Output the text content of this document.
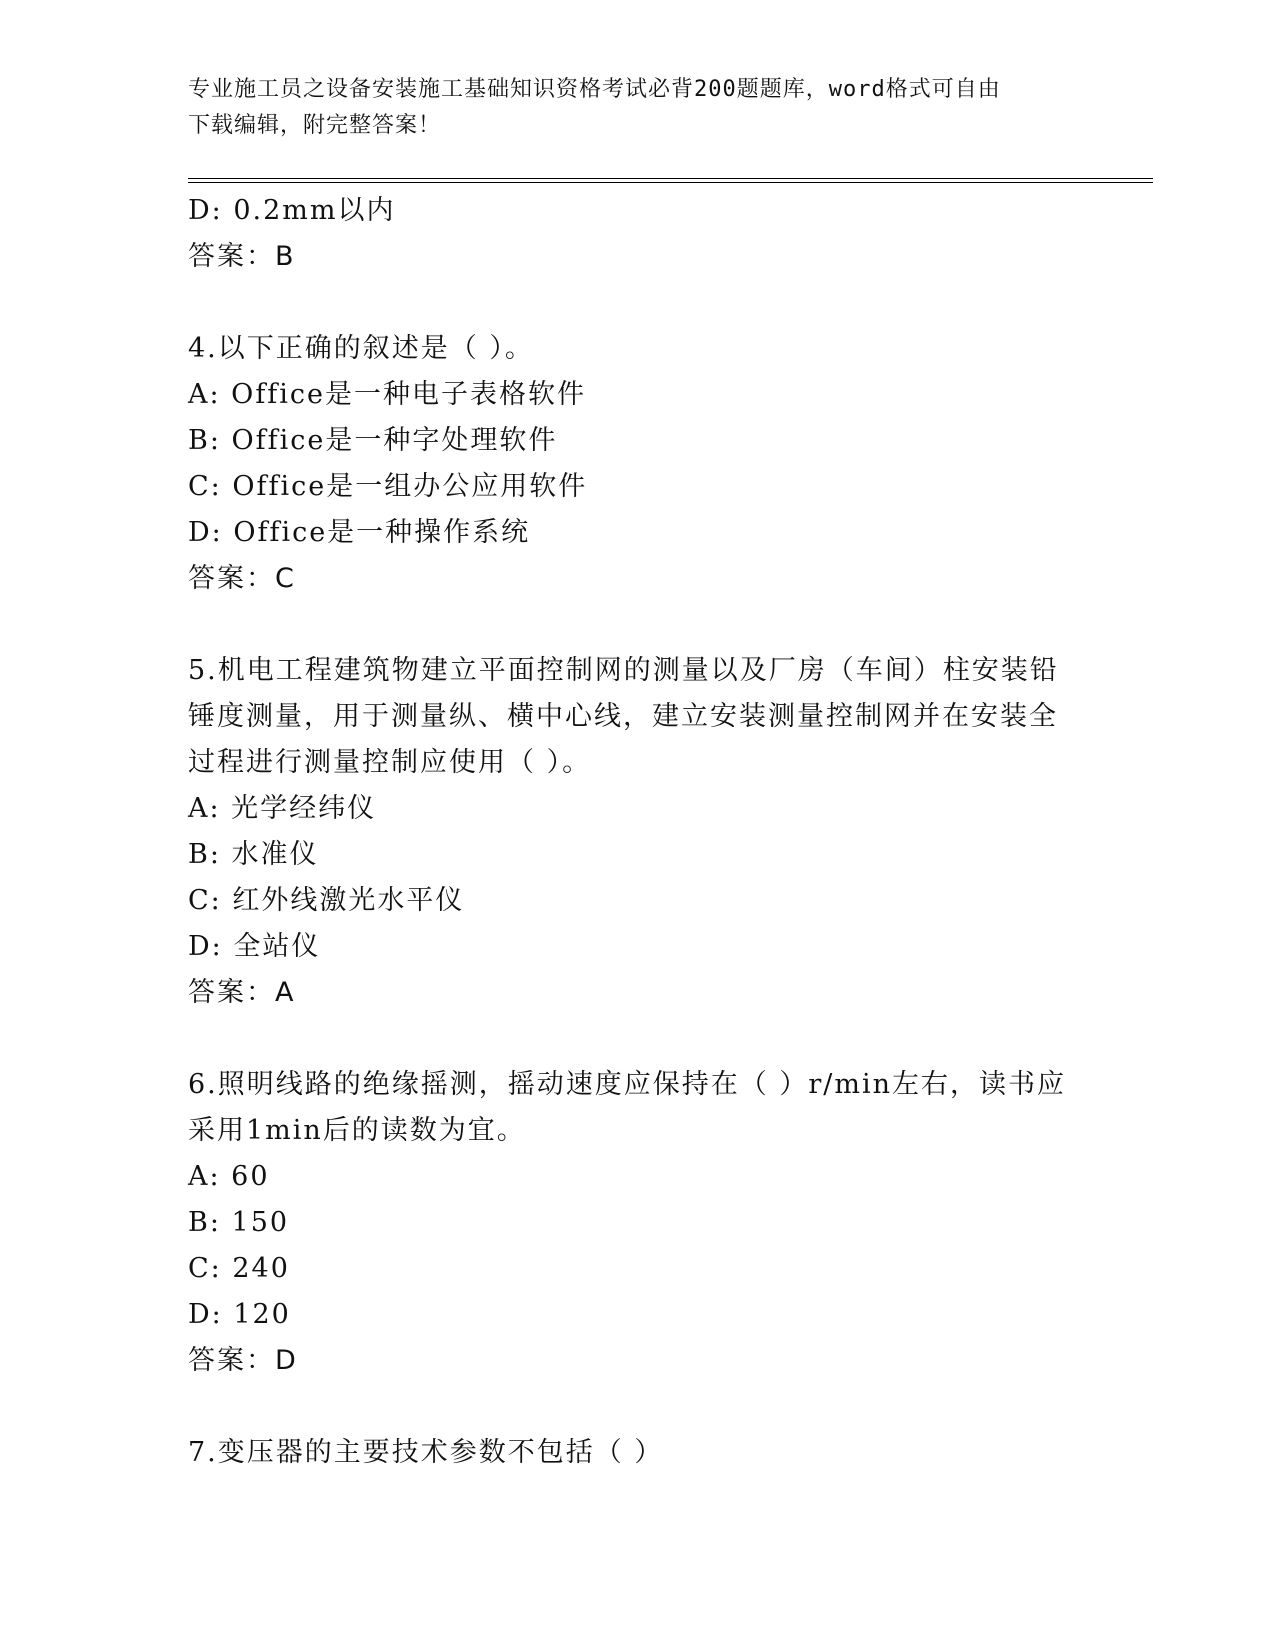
专业施工员之设备安装施工基础知识资格考试必背200题题库，word格式可自由
下载编辑，附完整答案！
D: 0.2mm以内
答案：B
4.以下正确的叙述是（ ）。
A: Office是一种电子表格软件
B: Office是一种字处理软件
C: Office是一组办公应用软件
D: Office是一种操作系统
答案：C
5.机电工程建筑物建立平面控制网的测量以及厂房（车间）柱安装铅
锤度测量，用于测量纵、横中心线，建立安装测量控制网并在安装全
过程进行测量控制应使用（ ）。
A: 光学经纬仪
B: 水准仪
C: 红外线激光水平仪
D: 全站仪
答案：A
6.照明线路的绝缘摇测，摇动速度应保持在（ ）r/min左右，读书应
采用1min后的读数为宜。
A: 60
B: 150
C: 240
D: 120
答案：D
7.变压器的主要技术参数不包括（ ）
